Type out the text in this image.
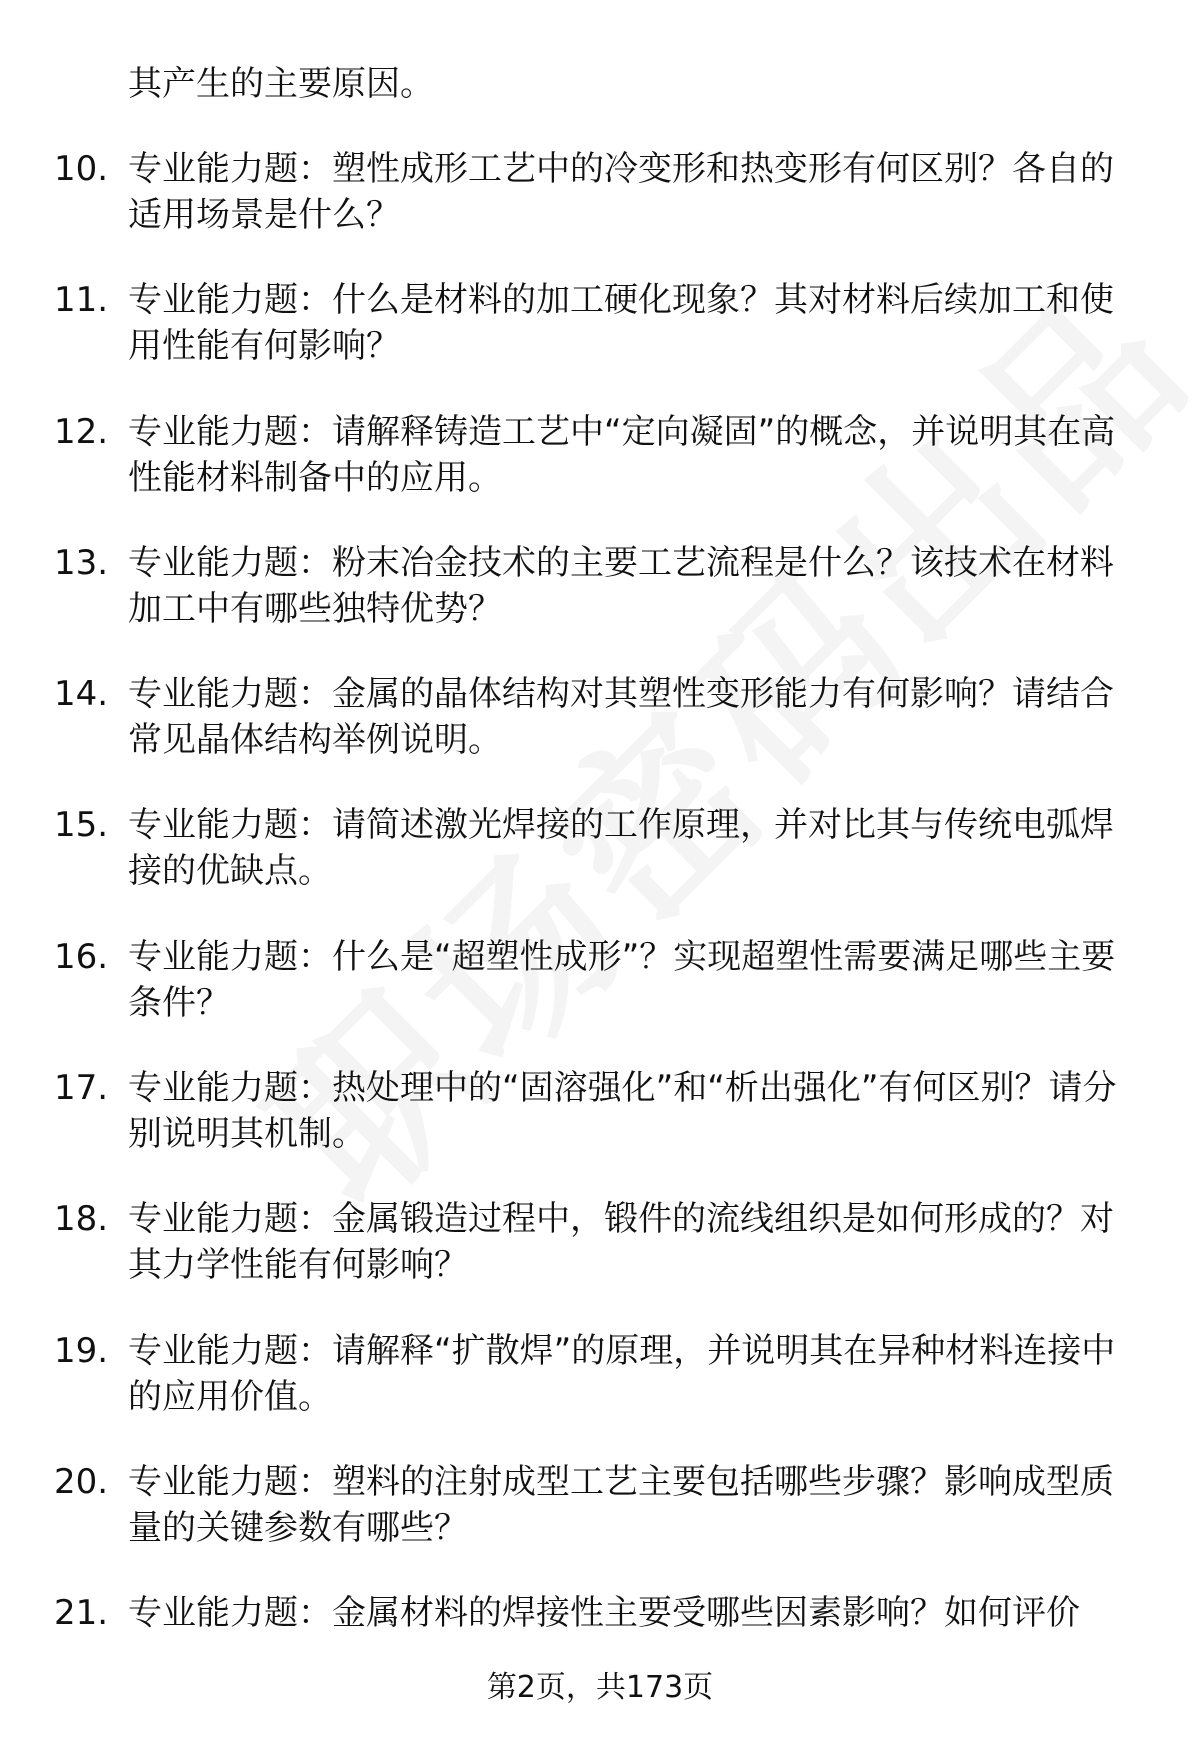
其产生的主要原因。

10. 专业能力题：塑性成形工艺中的冷变形和热变形有何区别？各自的适用场景是什么？

11. 专业能力题：什么是材料的加工硬化现象？其对材料后续加工和使用性能有何影响？

12. 专业能力题：请解释铸造工艺中“定向凝固”的概念，并说明其在高性能材料制备中的应用。

13. 专业能力题：粉末冶金技术的主要工艺流程是什么？该技术在材料加工中有哪些独特优势？

14. 专业能力题：金属的晶体结构对其塑性变形能力有何影响？请结合常见晶体结构举例说明。

15. 专业能力题：请简述激光焊接的工作原理，并对比其与传统电弧焊接的优缺点。

16. 专业能力题：什么是“超塑性成形”？实现超塑性需要满足哪些主要条件？

17. 专业能力题：热处理中的“固溶强化”和“析出强化”有何区别？请分别说明其机制。

18. 专业能力题：金属锻造过程中，锻件的流线组织是如何形成的？对其力学性能有何影响？

19. 专业能力题：请解释“扩散焊”的原理，并说明其在异种材料连接中的应用价值。

20. 专业能力题：塑料的注射成型工艺主要包括哪些步骤？影响成型质量的关键参数有哪些？

21. 专业能力题：金属材料的焊接性主要受哪些因素影响？如何评价

第2页，共173页
